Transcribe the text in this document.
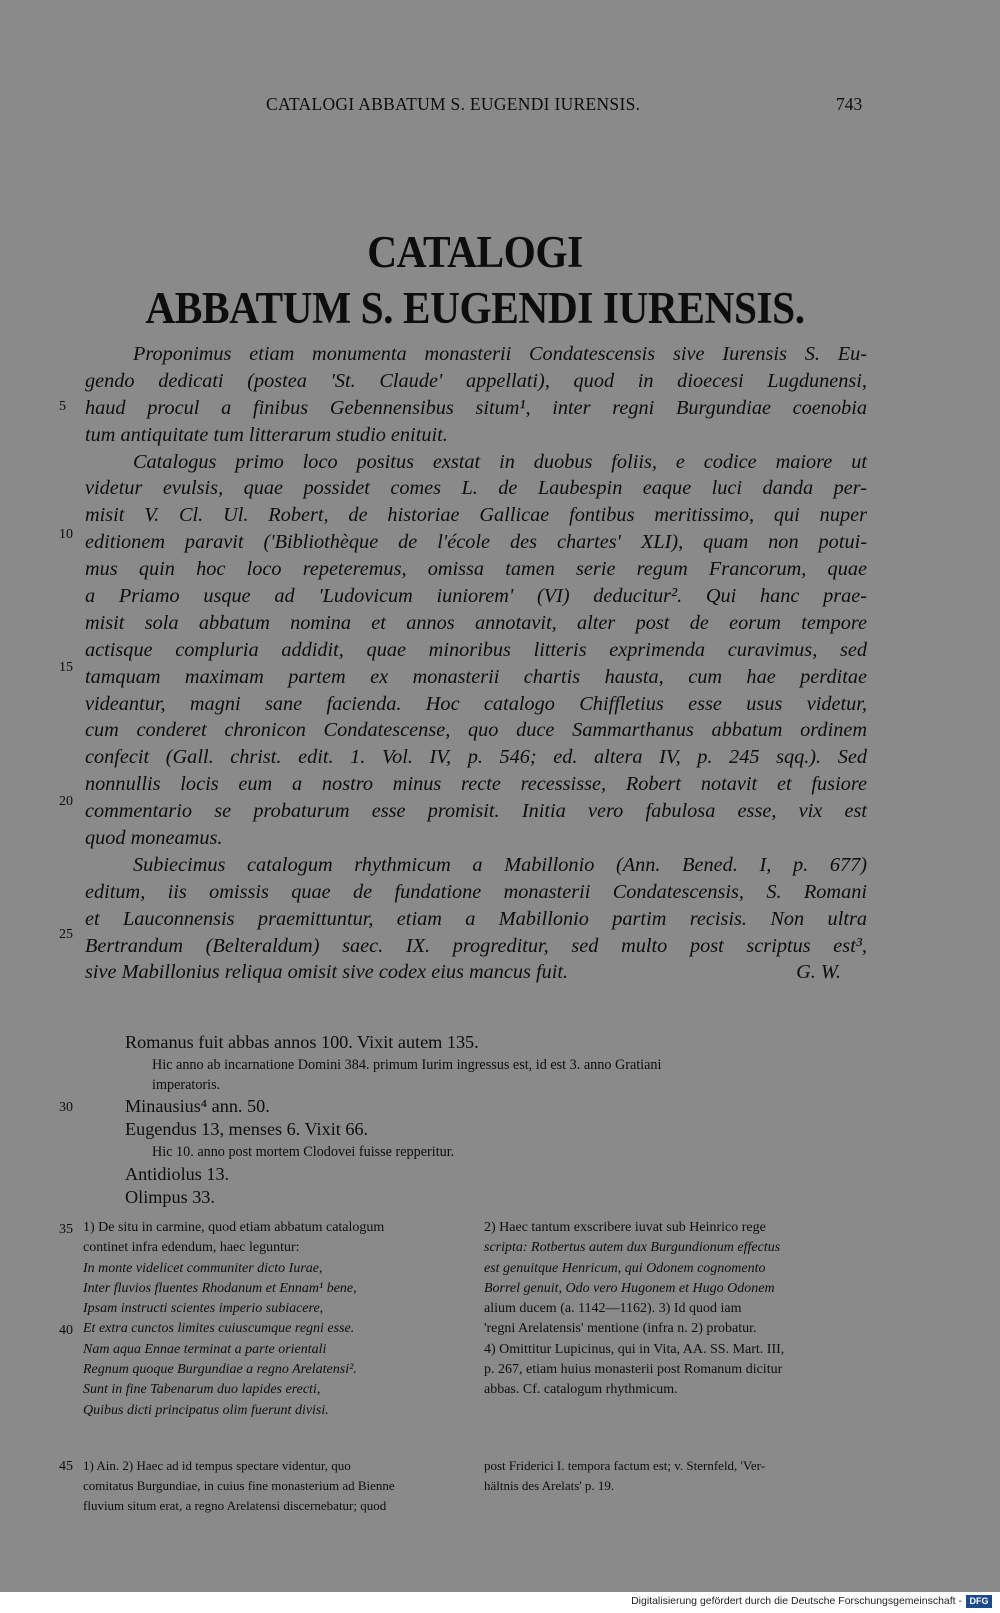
CATALOGI ABBATUM S. EUGENDI IURENSIS.	743
CATALOGI
ABBATUM S. EUGENDI IURENSIS.
5
10
15
20
25
30
35
40
45
Proponimus etiam monumenta monasterii Condatescensis sive Iurensis S. Eu-
gendo dedicati (postea 'St. Claude' appellati), quod in dioecesi Lugdunensi,
haud procul a finibus Gebennensibus situm¹, inter regni Burgundiae coenobia
tum antiquitate tum litterarum studio enituit.
Catalogus primo loco positus exstat in duobus foliis, e codice maiore ut
videtur evulsis, quae possidet comes L. de Laubespin eaque luci danda per-
misit V. Cl. Ul. Robert, de historiae Gallicae fontibus meritissimo, qui nuper
editionem paravit ('Bibliothèque de l'école des chartes' XLI), quam non potui-
mus quin hoc loco repeteremus, omissa tamen serie regum Francorum, quae
a Priamo usque ad 'Ludovicum iuniorem' (VI) deducitur². Qui hanc prae-
misit sola abbatum nomina et annos annotavit, alter post de eorum tempore
actisque compluria addidit, quae minoribus litteris exprimenda curavimus, sed
tamquam maximam partem ex monasterii chartis hausta, cum hae perditae
videantur, magni sane facienda. Hoc catalogo Chiffletius esse usus videtur,
cum conderet chronicon Condatescense, quo duce Sammarthanus abbatum ordinem
confecit (Gall. christ. edit. 1. Vol. IV, p. 546; ed. altera IV, p. 245 sqq.). Sed
nonnullis locis eum a nostro minus recte recessisse, Robert notavit et fusiore
commentario se probaturum esse promisit. Initia vero fabulosa esse, vix est
quod moneamus.
Subiecimus catalogum rhythmicum a Mabillonio (Ann. Bened. I, p. 677)
editum, iis omissis quae de fundatione monasterii Condatescensis, S. Romani
et Lauconnensis praemittuntur, etiam a Mabillonio partim recisis. Non ultra
Bertrandum (Belteraldum) saec. IX. progreditur, sed multo post scriptus est³,
sive Mabillonius reliqua omisit sive codex eius mancus fuit.	G. W.
Romanus fuit abbas annos 100. Vixit autem 135.
Hic anno ab incarnatione Domini 384. primum Iurim ingressus est, id est 3. anno Gratiani
imperatoris.
Minausius⁴ ann. 50.
Eugendus 13, menses 6. Vixit 66.
Hic 10. anno post mortem Clodovei fuisse repperitur.
Antidiolus 13.
Olimpus 33.
1) De situ in carmine, quod etiam abbatum catalogum
continet infra edendum, haec leguntur:
In monte videlicet communiter dicto Iurae,
Inter fluvios fluentes Rhodanum et Ennam¹ bene,
Ipsam instructi scientes imperio subiacere,
Et extra cunctos limites cuiuscumque regni esse.
Nam aqua Ennae terminat a parte orientali
Regnum quoque Burgundiae a regno Arelatensi².
Sunt in fine Tabenarum duo lapides erecti,
Quibus dicti principatus olim fuerunt divisi.
2) Haec tantum exscribere iuvat sub Heinrico rege
scripta: Rotbertus autem dux Burgundionum effectus
est genuitque Henricum, qui Odonem cognomento
Borrel genuit, Odo vero Hugonem et Hugo Odonem
alium ducem (a. 1142—1162). 3) Id quod iam
'regni Arelatensis' mentione (infra n. 2) probatur.
4) Omittitur Lupicinus, qui in Vita, AA. SS. Mart. III,
p. 267, etiam huius monasterii post Romanum dicitur
abbas. Cf. catalogum rhythmicum.
1) Ain. 2) Haec ad id tempus spectare videntur, quo
comitatus Burgundiae, in cuius fine monasterium ad Bienne
fluvium situm erat, a regno Arelatensi discernebatur; quod
post Friderici I. tempora factum est; v. Sternfeld, 'Ver-
hältnis des Arelats' p. 19.
Digitalisierung gefördert durch die Deutsche Forschungsgemeinschaft - DFG
